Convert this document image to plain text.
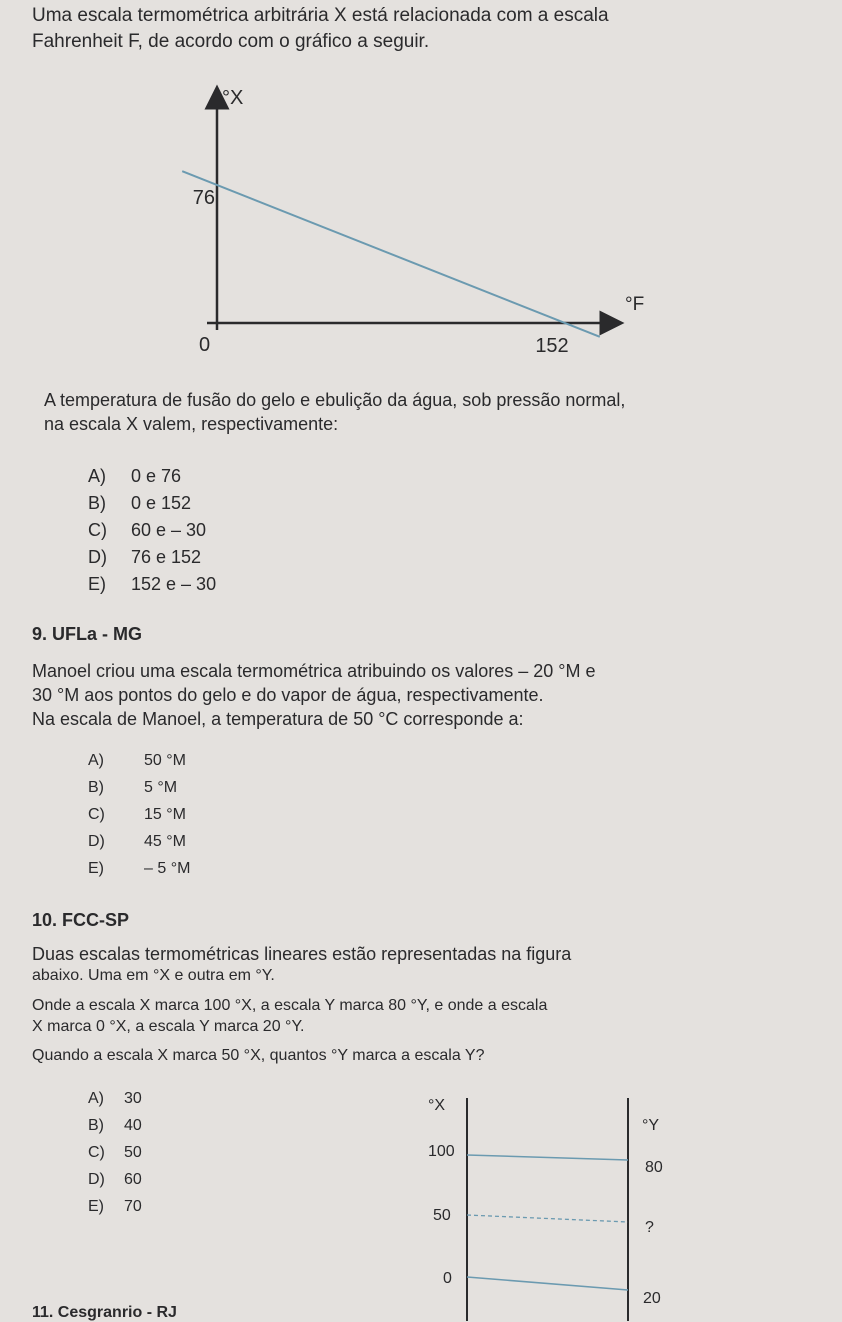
Uma escala termométrica arbitrária X está relacionada com a escala
Fahrenheit F, de acordo com o gráfico a seguir.
°X
°F
76
152
0
A temperatura de fusão do gelo e ebulição da água, sob pressão normal,
na escala X valem, respectivamente:
A) 0 e 76
B) 0 e 152
C) 60 e – 30
D) 76 e 152
E) 152 e – 30
9. UFLa - MG
Manoel criou uma escala termométrica atribuindo os valores – 20 °M e
30 °M aos pontos do gelo e do vapor de água, respectivamente.
Na escala de Manoel, a temperatura de 50 °C corresponde a:
A)	50 °M
B)	5 °M
C) 15 °M
D) 45 °M
E)	– 5 °M
10. FCC-SP
Duas escalas termométricas lineares estão representadas na figura
abaixo. Uma em °X e outra em °Y.
Onde a escala X marca 100 °X, a escala Y marca 80 °Y, e onde a escala
X marca 0 °X, a escala Y marca 20 °Y.
Quando a escala X marca 50 °X, quantos °Y marca a escala Y?
A) 30
B) 40
C) 50
D) 60
E) 70
°X
°Y
100
50
0
80
?
20
11. Cesgranrio - RJ
